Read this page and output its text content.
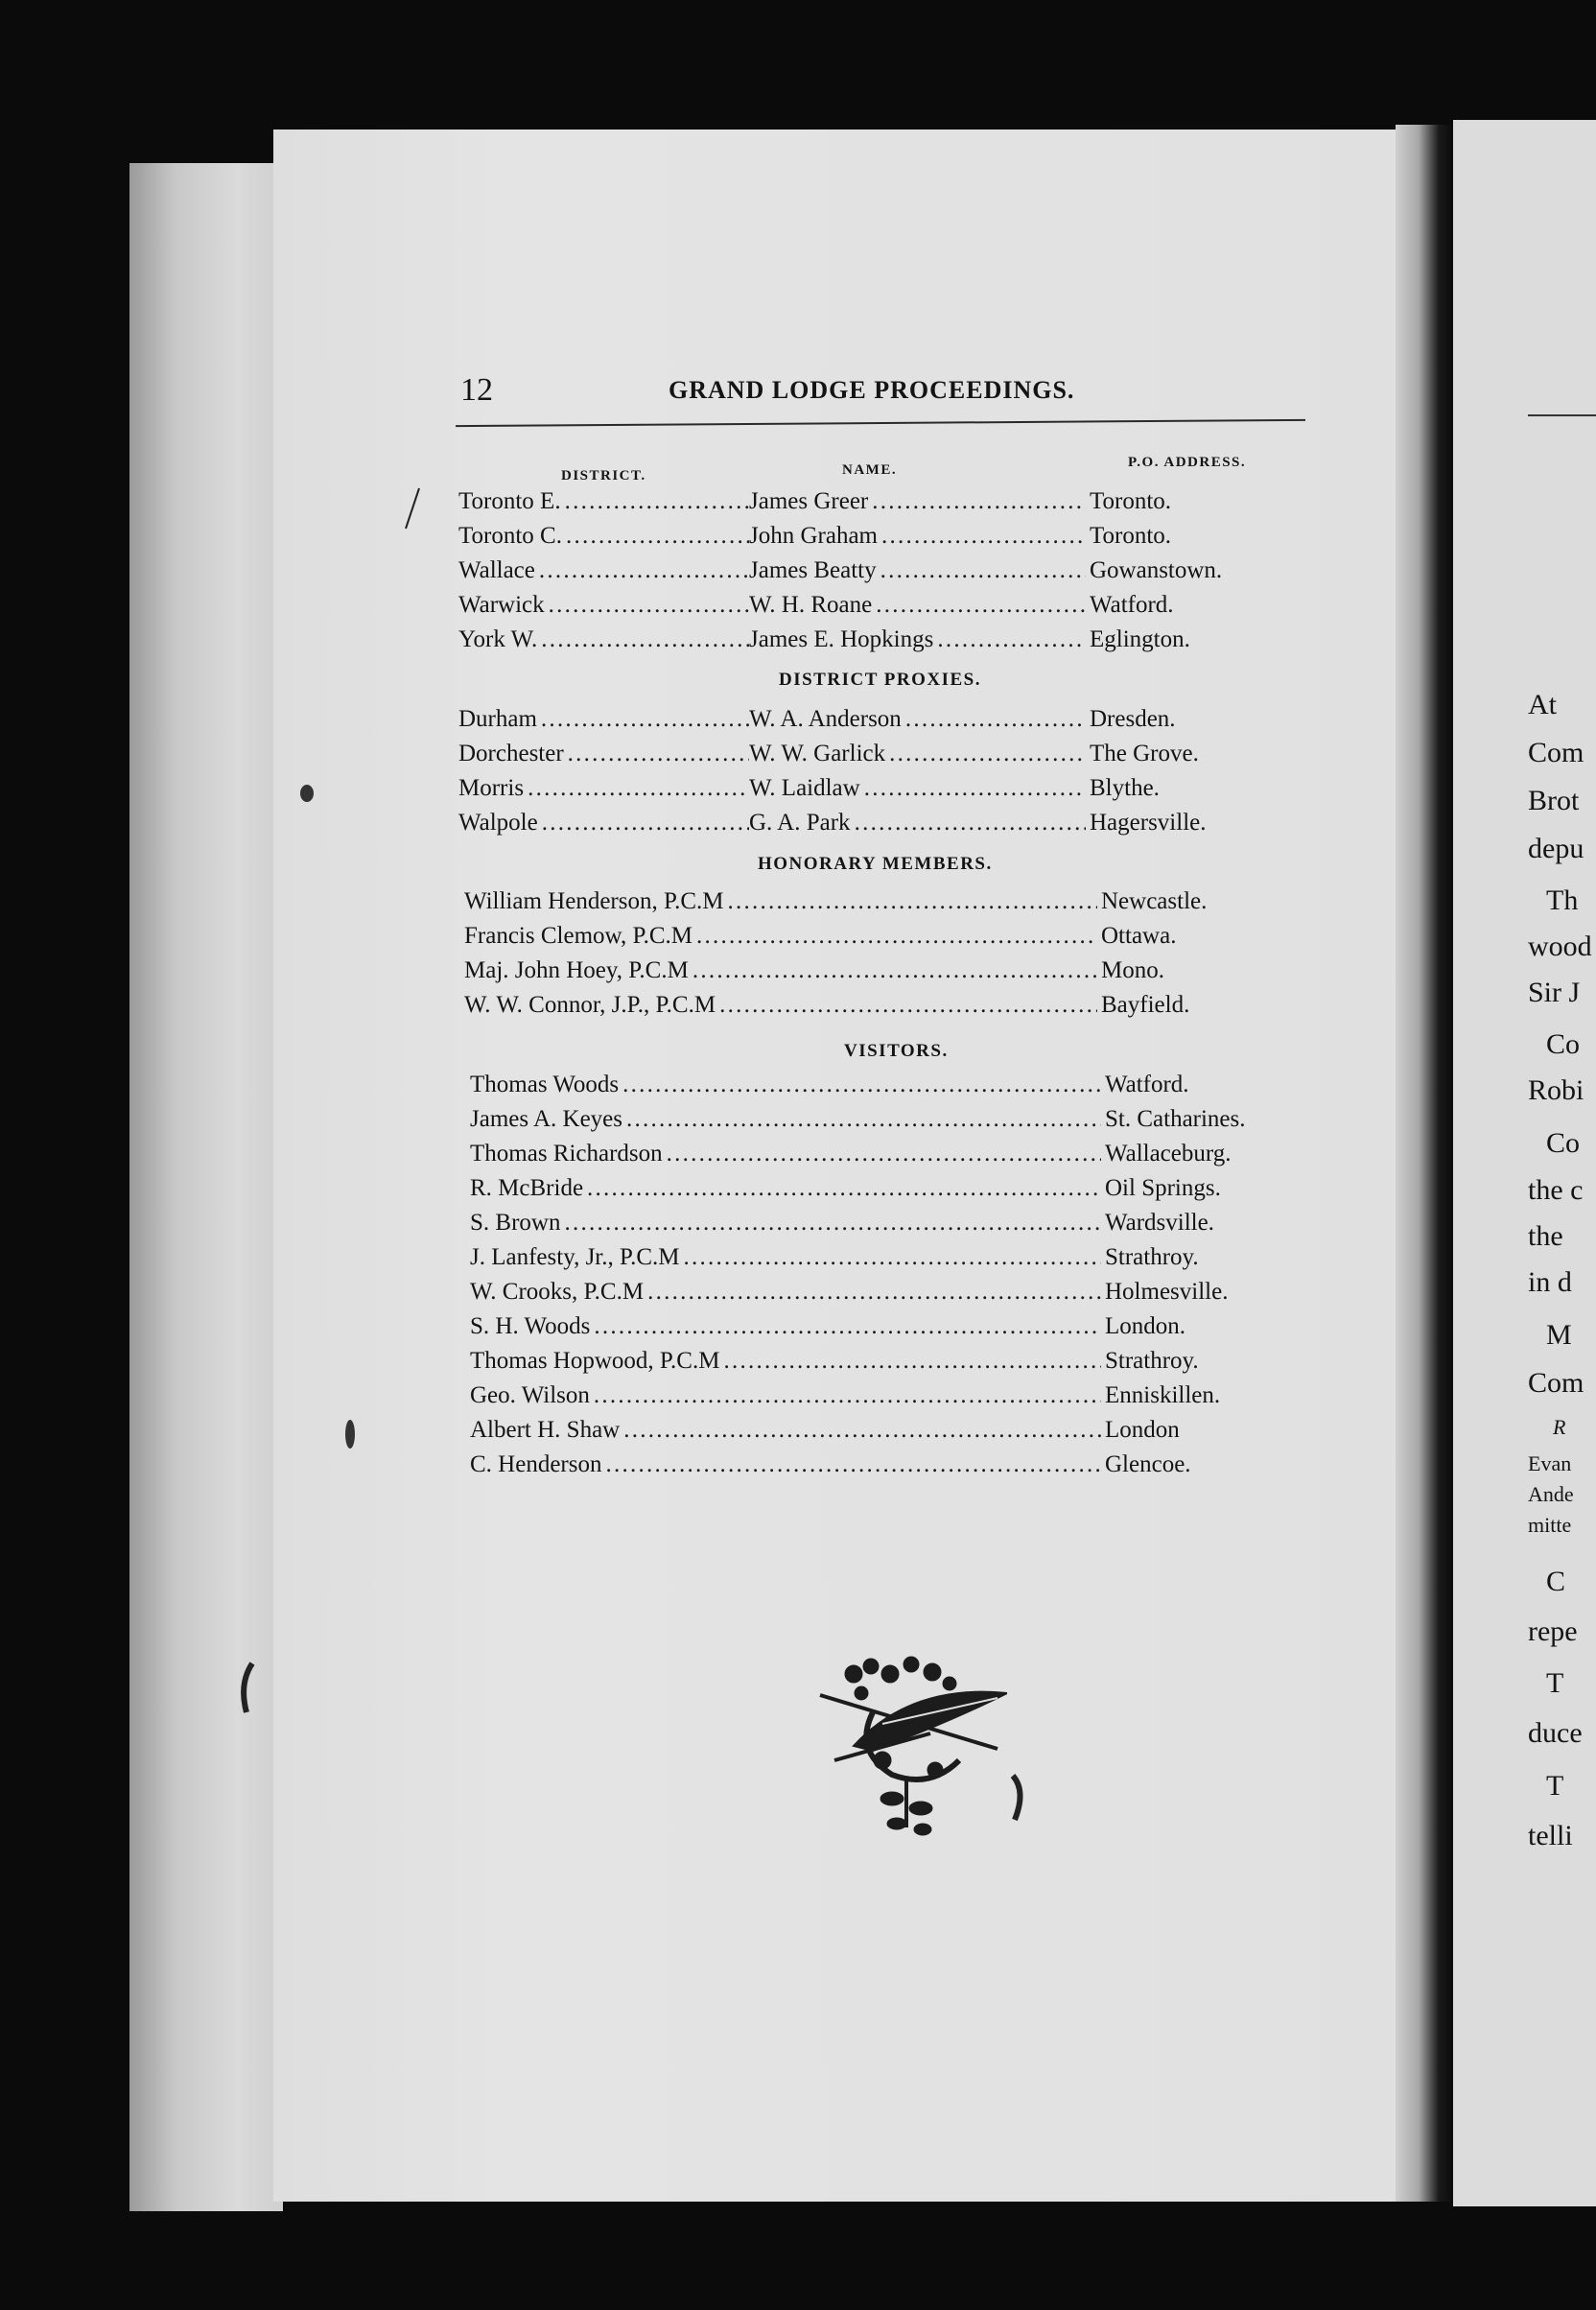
At
Com
Brot
depu
Th
wood
Sir J
Co
Robi
Co
the c
the
in d
M
Com
R
Evan
Ande
mitte
C
repe
T
duce
T
telli
12	GRAND LODGE PROCEEDINGS.
DISTRICT.	NAME.	P.O. ADDRESS.
DISTRICT PROXIES.
HONORARY MEMBERS.
VISITORS.
Toronto E.	James Greer	Toronto.
. . .
. . .
Toronto C.	John Graham	Toronto.
. . .
. . .
Wallace	James Beatty	Gowanstown.
. . .
. . .
Warwick	W. H. Roane	Watford.
. . .
. . .
York W.	James E. Hopkings	Eglington.
. . .
. . .
Durham	W. A. Anderson	Dresden.
. . .
. . .
Dorchester	W. W. Garlick	The Grove.
. . .
. . .
Morris	W. Laidlaw	Blythe.
. . .
. . .
Walpole	G. A. Park	Hagersville.
. . .
. . .
William Henderson, P.C.M	Newcastle.
. . .
Francis Clemow, P.C.M	Ottawa.
. . .
Maj. John Hoey, P.C.M	Mono.
. . .
W. W. Connor, J.P., P.C.M	Bayfield.
. . .
Thomas Woods	Watford.
. . .
James A. Keyes	St. Catharines.
. . .
Thomas Richardson	Wallaceburg.
. . .
R. McBride	Oil Springs.
. . .
S. Brown	Wardsville.
. . .
J. Lanfesty, Jr., P.C.M	Strathroy.
. . .
W. Crooks, P.C.M	Holmesville.
. . .
S. H. Woods	London.
. . .
Thomas Hopwood, P.C.M	Strathroy.
. . .
Geo. Wilson	Enniskillen.
. . .
Albert H. Shaw	London
. . .
C. Henderson	Glencoe.
. . .
